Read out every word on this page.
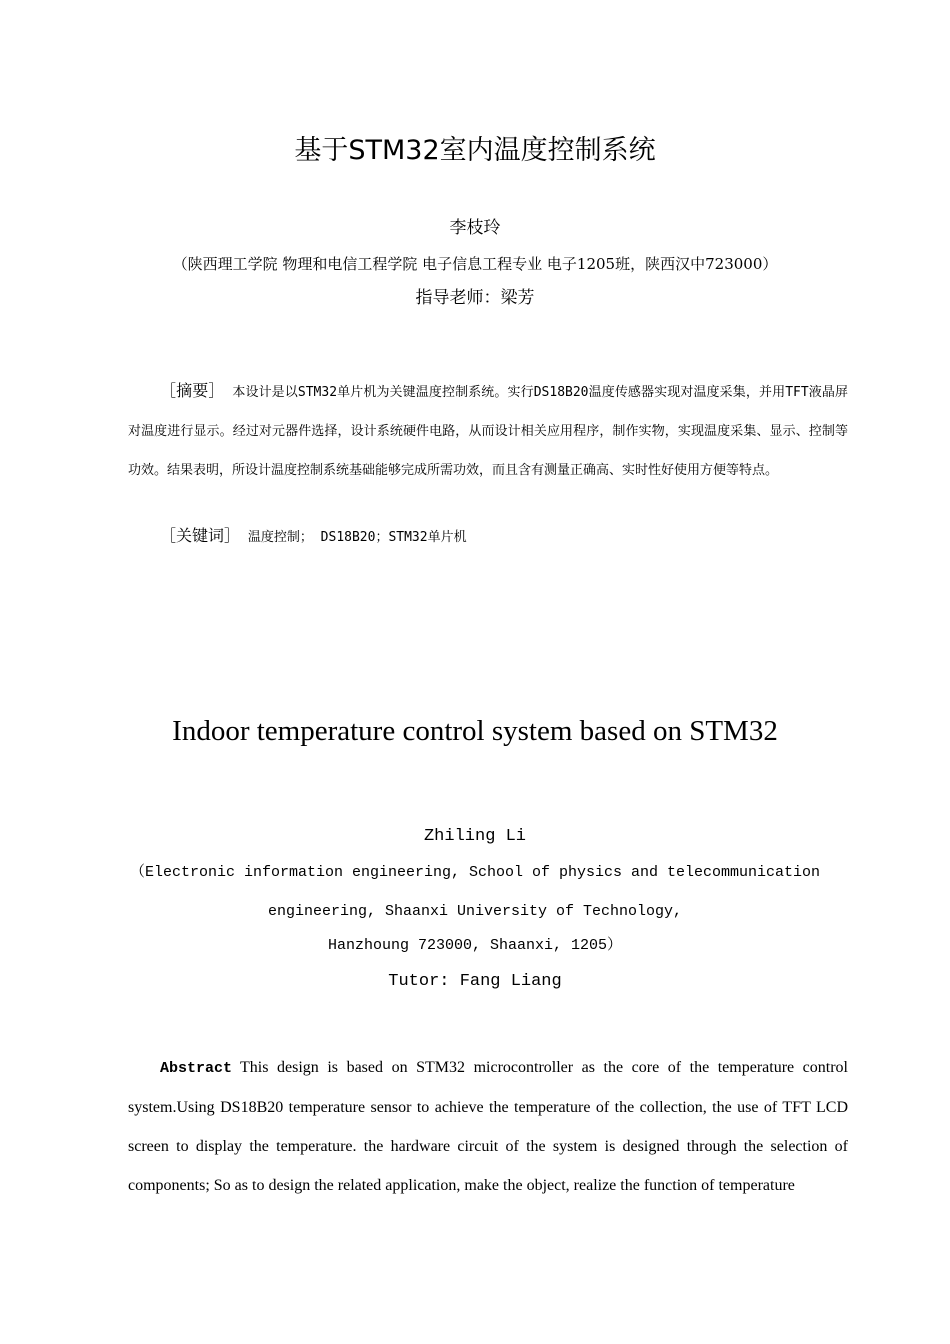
基于STM32室内温度控制系统
李枝玲
（陕西理工学院 物理和电信工程学院 电子信息工程专业 电子1205班，陕西汉中723000）
指导老师：梁芳
［摘要］ 本设计是以STM32单片机为关键温度控制系统。实行DS18B20温度传感器实现对温度采集，并用TFT液晶屏对温度进行显示。经过对元器件选择，设计系统硬件电路，从而设计相关应用程序，制作实物，实现温度采集、显示、控制等功效。结果表明，所设计温度控制系统基础能够完成所需功效，而且含有测量正确高、实时性好使用方便等特点。
［关键词］ 温度控制； DS18B20；STM32单片机
Indoor temperature control system based on STM32
Zhiling Li
（Electronic information engineering, School of physics and telecommunication
engineering, Shaanxi University of Technology,
Hanzhoung 723000, Shaanxi, 1205）
Tutor: Fang Liang
Abstract This design is based on STM32 microcontroller as the core of the temperature control system.Using DS18B20 temperature sensor to achieve the temperature of the collection, the use of TFT LCD screen to display the temperature. the hardware circuit of the system is designed through the selection of components; So as to design the related application, make the object, realize the function of temperature
